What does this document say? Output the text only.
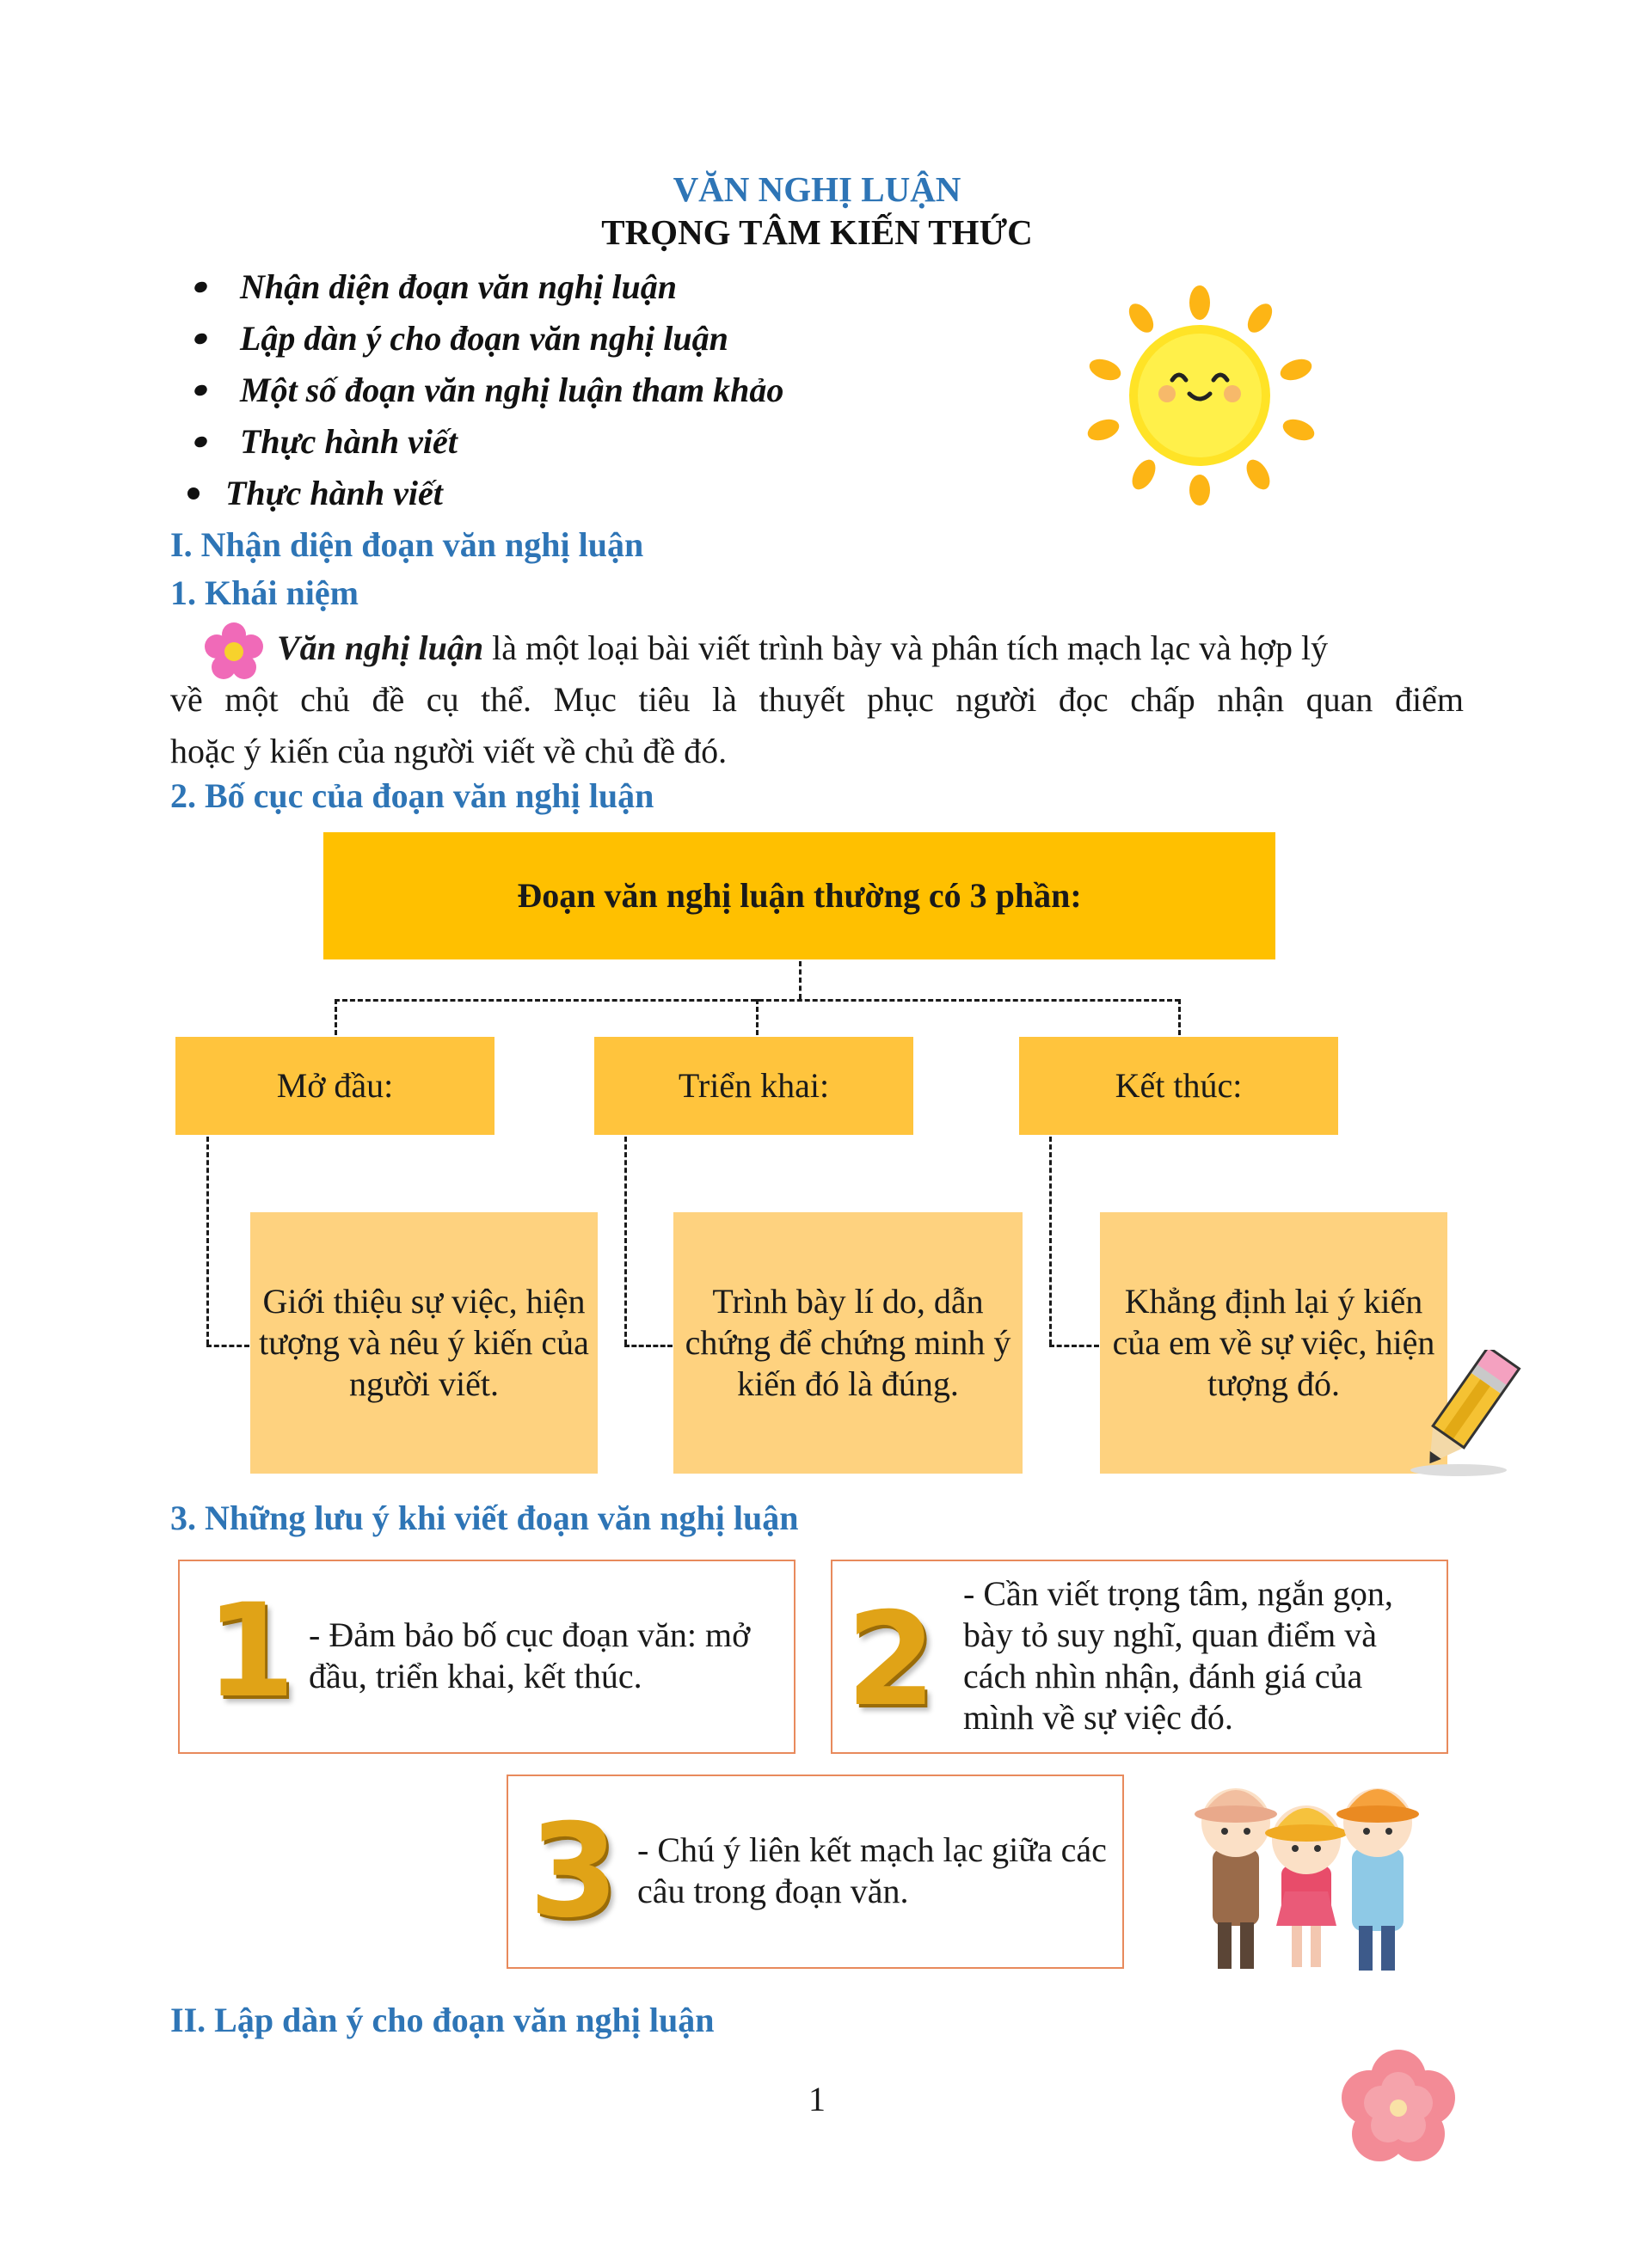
VĂN NGHỊ LUẬN
TRỌNG TÂM KIẾN THỨC
Nhận diện đoạn văn nghị luận
Lập dàn ý cho đoạn văn nghị luận
Một số đoạn văn nghị luận tham khảo
Thực hành viết
Thực hành viết
I. Nhận diện đoạn văn nghị luận
1. Khái niệm
Văn nghị luận là một loại bài viết trình bày và phân tích mạch lạc và hợp lý
về một chủ đề cụ thể. Mục tiêu là thuyết phục người đọc chấp nhận quan điểm
hoặc ý kiến của người viết về chủ đề đó.
2. Bố cục của đoạn văn nghị luận
Đoạn văn nghị luận thường có 3 phần:
Mở đầu:	Triển khai:	Kết thúc:
Giới thiệu sự việc, hiện tượng và nêu ý kiến của người viết.
Trình bày lí do, dẫn chứng để chứng minh ý kiến đó là đúng.
Khẳng định lại ý kiến của em về sự việc, hiện tượng đó.
3. Những lưu ý khi viết đoạn văn nghị luận
1 - Đảm bảo bố cục đoạn văn: mở đầu, triển khai, kết thúc.	2 - Cần viết trọng tâm, ngắn gọn, bày tỏ suy nghĩ, quan điểm và cách nhìn nhận, đánh giá của mình về sự việc đó.
3 - Chú ý liên kết mạch lạc giữa các câu trong đoạn văn.
II. Lập dàn ý cho đoạn văn nghị luận
1
